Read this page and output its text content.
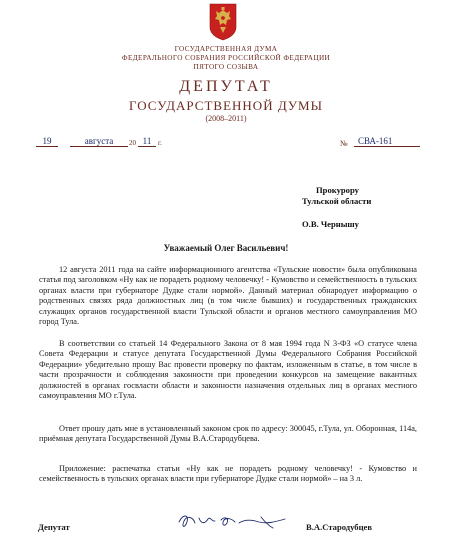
ГОСУДАРСТВЕННАЯ ДУМА
ФЕДЕРАЛЬНОГО СОБРАНИЯ РОССИЙСКОЙ ФЕДЕРАЦИИ
ПЯТОГО СОЗЫВА
ДЕПУТАТ
ГОСУДАРСТВЕННОЙ ДУМЫ
(2008–2011)
19	августа	20 11 г.	№	СВА-161
Прокурору
Тульской области
О.В. Чернышу
Уважаемый Олег Васильевич!

12 августа 2011 года на сайте информационного агентства «Тульские новости» была опубликована статья под заголовком «Ну как не порадеть родному человечку! - Кумовство и семейственность в тульских органах власти при губернаторе Дудке стали нормой». Данный материал обнародует информацию о родственных связях ряда должностных лиц (в том числе бывших) и государственных гражданских служащих органов государственной власти Тульской области и органов местного самоуправления МО город Тула.

В соответствии со статьей 14 Федерального Закона от 8 мая 1994 года N 3-ФЗ «О статусе члена Совета Федерации и статусе депутата Государственной Думы Федерального Собрания Российской Федерации» убедительно прошу Вас провести проверку по фактам, изложенным в статье, в том числе в части прозрачности и соблюдения законности при проведении конкурсов на замещение вакантных должностей в органах госвласти области и законности назначения отдельных лиц в органах местного самоуправления МО г.Тула.

Ответ прошу дать мне в установленный законом срок по адресу: 300045, г.Тула, ул. Оборонная, 114а, приёмная депутата Государственной Думы В.А.Стародубцева.

Приложение: распечатка статьи «Ну как не порадеть родному человечку! - Кумовство и семейственность в тульских органах власти при губернаторе Дудке стали нормой» – на 3 л.

Депутат	В.А.Стародубцев
